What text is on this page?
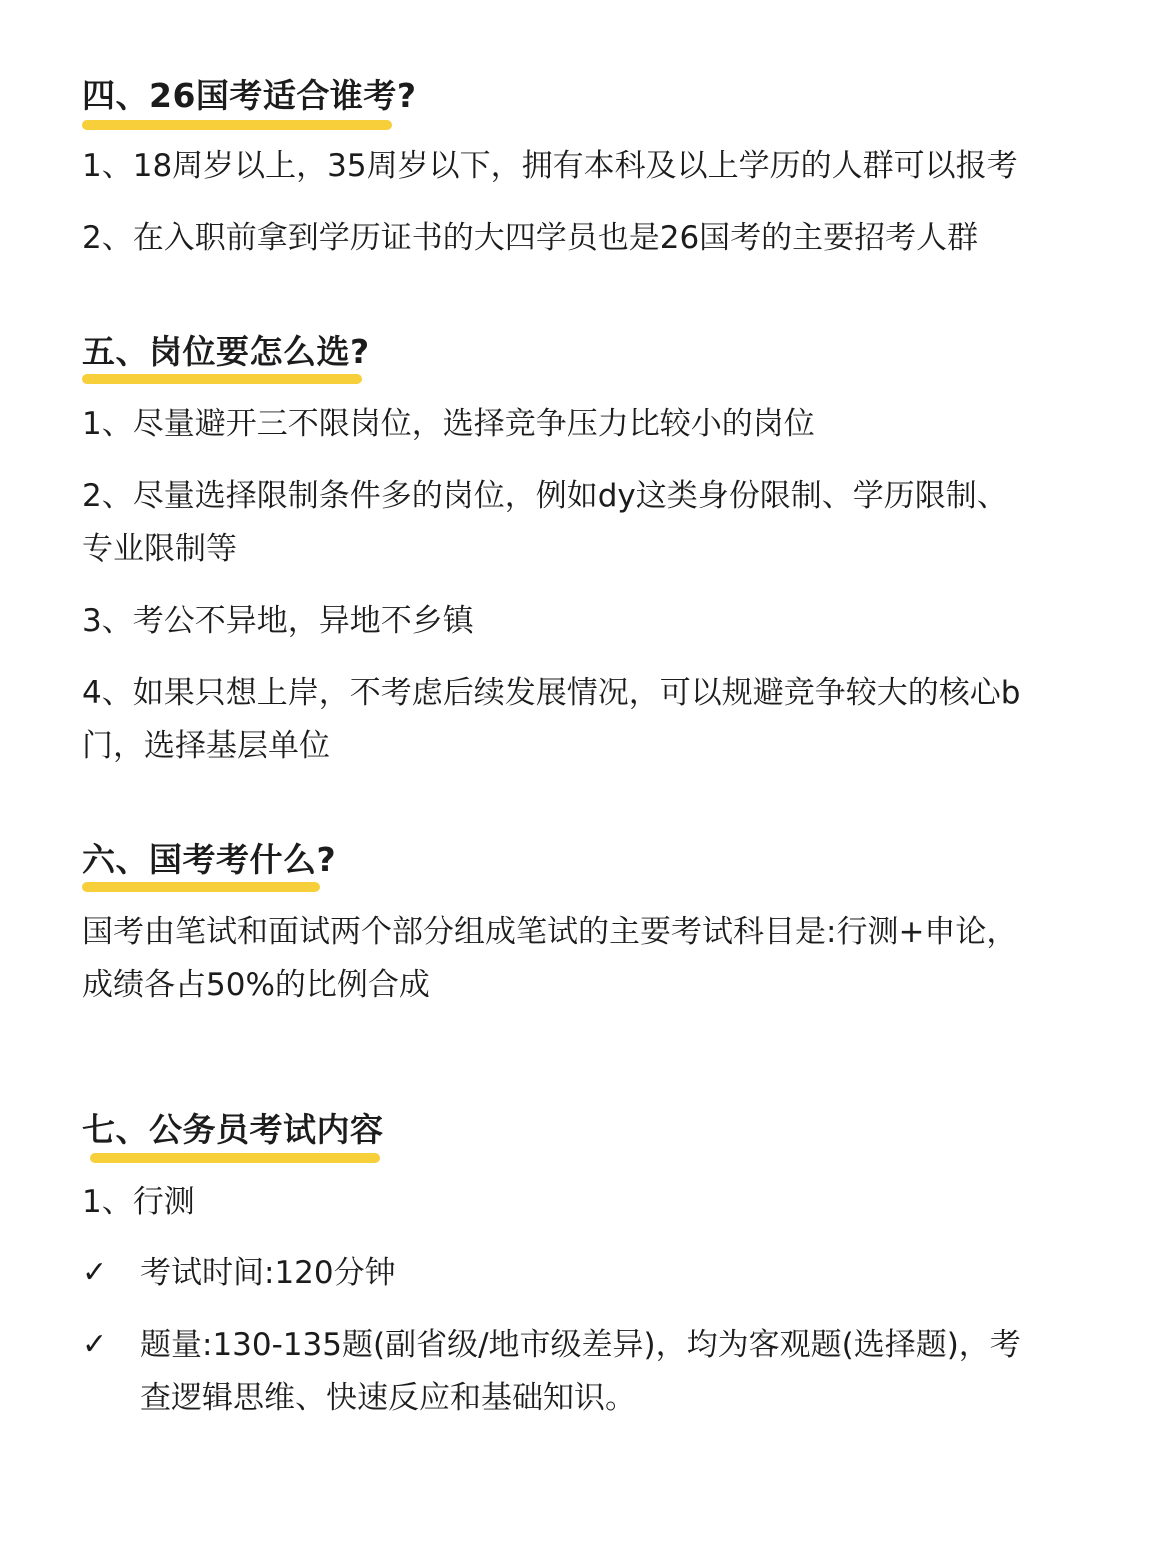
四、26国考适合谁考?
1、18周岁以上，35周岁以下，拥有本科及以上学历的人群可以报考
2、在入职前拿到学历证书的大四学员也是26国考的主要招考人群
五、岗位要怎么选?
1、尽量避开三不限岗位，选择竞争压力比较小的岗位
2、尽量选择限制条件多的岗位，例如dy这类身份限制、学历限制、
专业限制等
3、考公不异地，异地不乡镇
4、如果只想上岸，不考虑后续发展情况，可以规避竞争较大的核心b
门，选择基层单位
六、国考考什么?
国考由笔试和面试两个部分组成笔试的主要考试科目是:行测+申论，
成绩各占50%的比例合成
七、公务员考试内容
1、行测
✓ 考试时间:120分钟
✓ 题量:130-135题(副省级/地市级差异)，均为客观题(选择题)，考
查逻辑思维、快速反应和基础知识。
